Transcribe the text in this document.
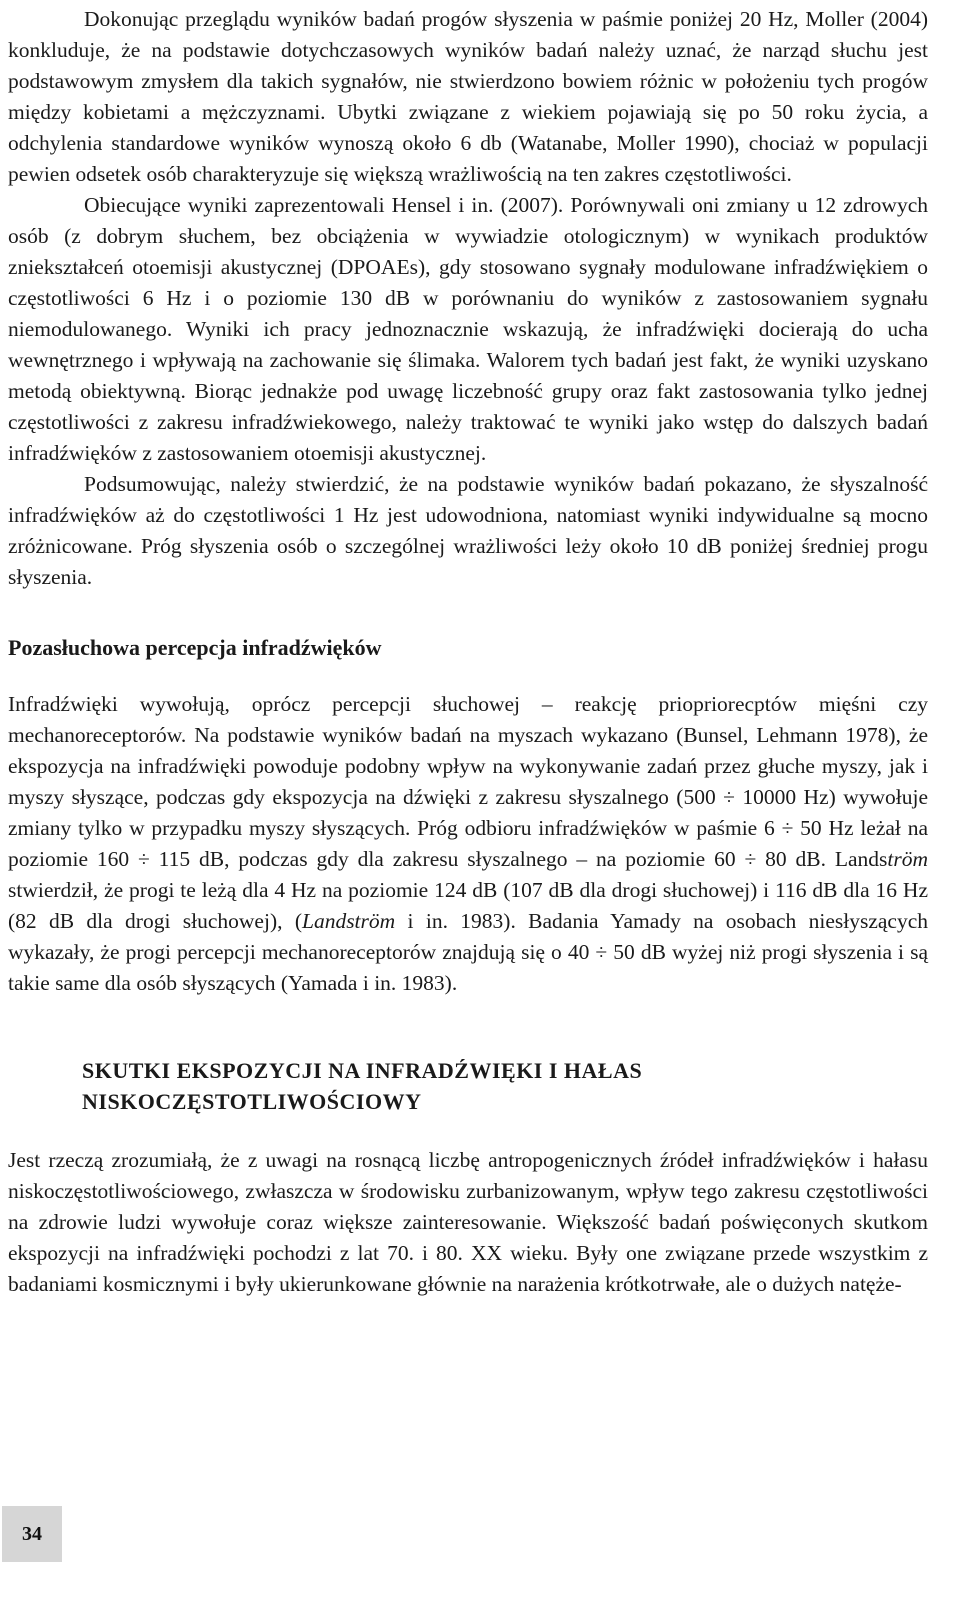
Dokonując przeglądu wyników badań progów słyszenia w paśmie poniżej 20 Hz, Moller (2004) konkluduje, że na podstawie dotychczasowych wyników badań należy uznać, że narząd słuchu jest podstawowym zmysłem dla takich sygnałów, nie stwierdzono bowiem różnic w położeniu tych progów między kobietami a mężczyznami. Ubytki związane z wiekiem pojawiają się po 50 roku życia, a odchylenia standardowe wyników wynoszą około 6 db (Watanabe, Moller 1990), chociaż w populacji pewien odsetek osób charakteryzuje się większą wrażliwością na ten zakres częstotliwości.

Obiecujące wyniki zaprezentowali Hensel i in. (2007). Porównywali oni zmiany u 12 zdrowych osób (z dobrym słuchem, bez obciążenia w wywiadzie otologicznym) w wynikach produktów zniekształceń otoemisji akustycznej (DPOAEs), gdy stosowano sygnały modulowane infradźwiękiem o częstotliwości 6 Hz i o poziomie 130 dB w porównaniu do wyników z zastosowaniem sygnału niemodulowanego. Wyniki ich pracy jednoznacznie wskazują, że infradźwięki docierają do ucha wewnętrznego i wpływają na zachowanie się ślimaka. Walorem tych badań jest fakt, że wyniki uzyskano metodą obiektywną. Biorąc jednakże pod uwagę liczebność grupy oraz fakt zastosowania tylko jednej częstotliwości z zakresu infradźwiekowego, należy traktować te wyniki jako wstęp do dalszych badań infradźwięków z zastosowaniem otoemisji akustycznej.

Podsumowując, należy stwierdzić, że na podstawie wyników badań pokazano, że słyszalność infradźwięków aż do częstotliwości 1 Hz jest udowodniona, natomiast wyniki indywidualne są mocno zróżnicowane. Próg słyszenia osób o szczególnej wrażliwości leży około 10 dB poniżej średniej progu słyszenia.

Pozasłuchowa percepcja infradźwięków

Infradźwięki wywołują, oprócz percepcji słuchowej – reakcję priopriorecptów mięśni czy mechanoreceptorów. Na podstawie wyników badań na myszach wykazano (Bunsel, Lehmann 1978), że ekspozycja na infradźwięki powoduje podobny wpływ na wykonywanie zadań przez głuche myszy, jak i myszy słyszące, podczas gdy ekspozycja na dźwięki z zakresu słyszalnego (500 ÷ 10000 Hz) wywołuje zmiany tylko w przypadku myszy słyszących. Próg odbioru infradźwięków w paśmie 6 ÷ 50 Hz leżał na poziomie 160 ÷ 115 dB, podczas gdy dla zakresu słyszalnego – na poziomie 60 ÷ 80 dB. Landström stwierdził, że progi te leżą dla 4 Hz na poziomie 124 dB (107 dB dla drogi słuchowej) i 116 dB dla 16 Hz (82 dB dla drogi słuchowej), (Landström i in. 1983). Badania Yamady na osobach niesłyszących wykazały, że progi percepcji mechanoreceptorów znajdują się o 40 ÷ 50 dB wyżej niż progi słyszenia i są takie same dla osób słyszących (Yamada i in. 1983).

SKUTKI EKSPOZYCJI NA INFRADŹWIĘKI I HAŁAS
NISKOCZĘSTOTLIWOŚCIOWY

Jest rzeczą zrozumiałą, że z uwagi na rosnącą liczbę antropogenicznych źródeł infradźwięków i hałasu niskoczęstotliwościowego, zwłaszcza w środowisku zurbanizowanym, wpływ tego zakresu częstotliwości na zdrowie ludzi wywołuje coraz większe zainteresowanie. Większość badań poświęconych skutkom ekspozycji na infradźwięki pochodzi z lat 70. i 80. XX wieku. Były one związane przede wszystkim z badaniami kosmicznymi i były ukierunkowane głównie na narażenia krótkotrwałe, ale o dużych natęże-

34
